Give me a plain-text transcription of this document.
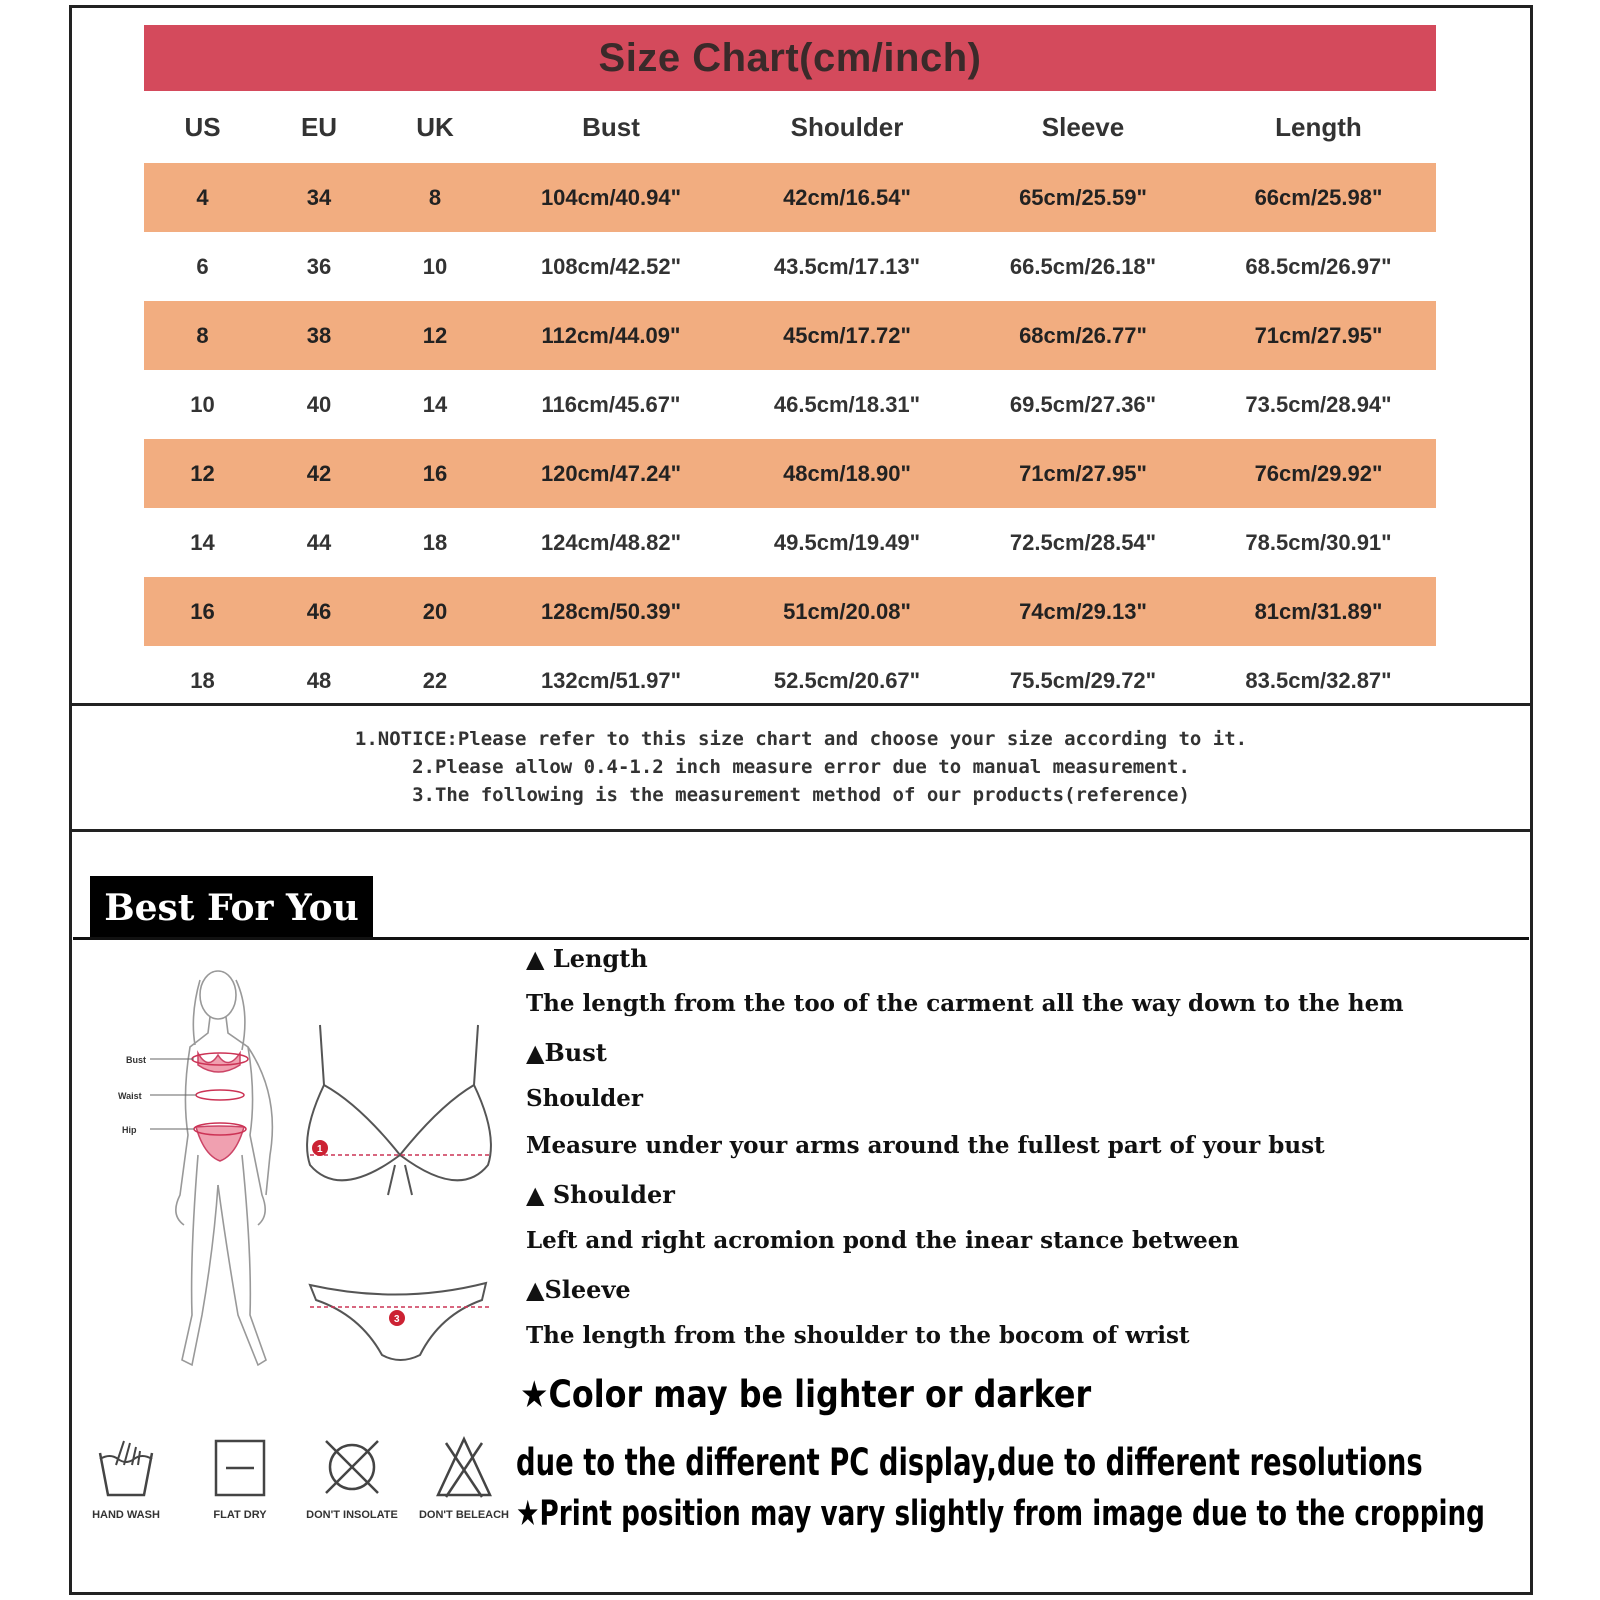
Size Chart(cm/inch)
US	EU	UK	Bust	Shoulder	Sleeve	Length
4	34	8	104cm/40.94"	42cm/16.54"	65cm/25.59"	66cm/25.98"
6	36	10	108cm/42.52"	43.5cm/17.13"	66.5cm/26.18"	68.5cm/26.97"
8	38	12	112cm/44.09"	45cm/17.72"	68cm/26.77"	71cm/27.95"
10	40	14	116cm/45.67"	46.5cm/18.31"	69.5cm/27.36"	73.5cm/28.94"
12	42	16	120cm/47.24"	48cm/18.90"	71cm/27.95"	76cm/29.92"
14	44	18	124cm/48.82"	49.5cm/19.49"	72.5cm/28.54"	78.5cm/30.91"
16	46	20	128cm/50.39"	51cm/20.08"	74cm/29.13"	81cm/31.89"
18	48	22	132cm/51.97"	52.5cm/20.67"	75.5cm/29.72"	83.5cm/32.87"
1.NOTICE:Please refer to this size chart and choose your size according to it.
2.Please allow 0.4-1.2 inch measure error due to manual measurement.
3.The following is the measurement method of our products(reference)
Best For You
Bust
Waist
Hip
1
3
▲ Length
The length from the too of the carment all the way down to the hem
▲Bust
Shoulder
Measure under your arms around the fullest part of your bust
▲ Shoulder
Left and right acromion pond the inear stance between
▲Sleeve
The length from the shoulder to the bocom of wrist
★Color may be lighter or darker
due to the different PC display,due to different resolutions
★Print position may vary slightly from image due to the cropping
HAND WASH	FLAT DRY	DON'T INSOLATE	DON'T BELEACH
